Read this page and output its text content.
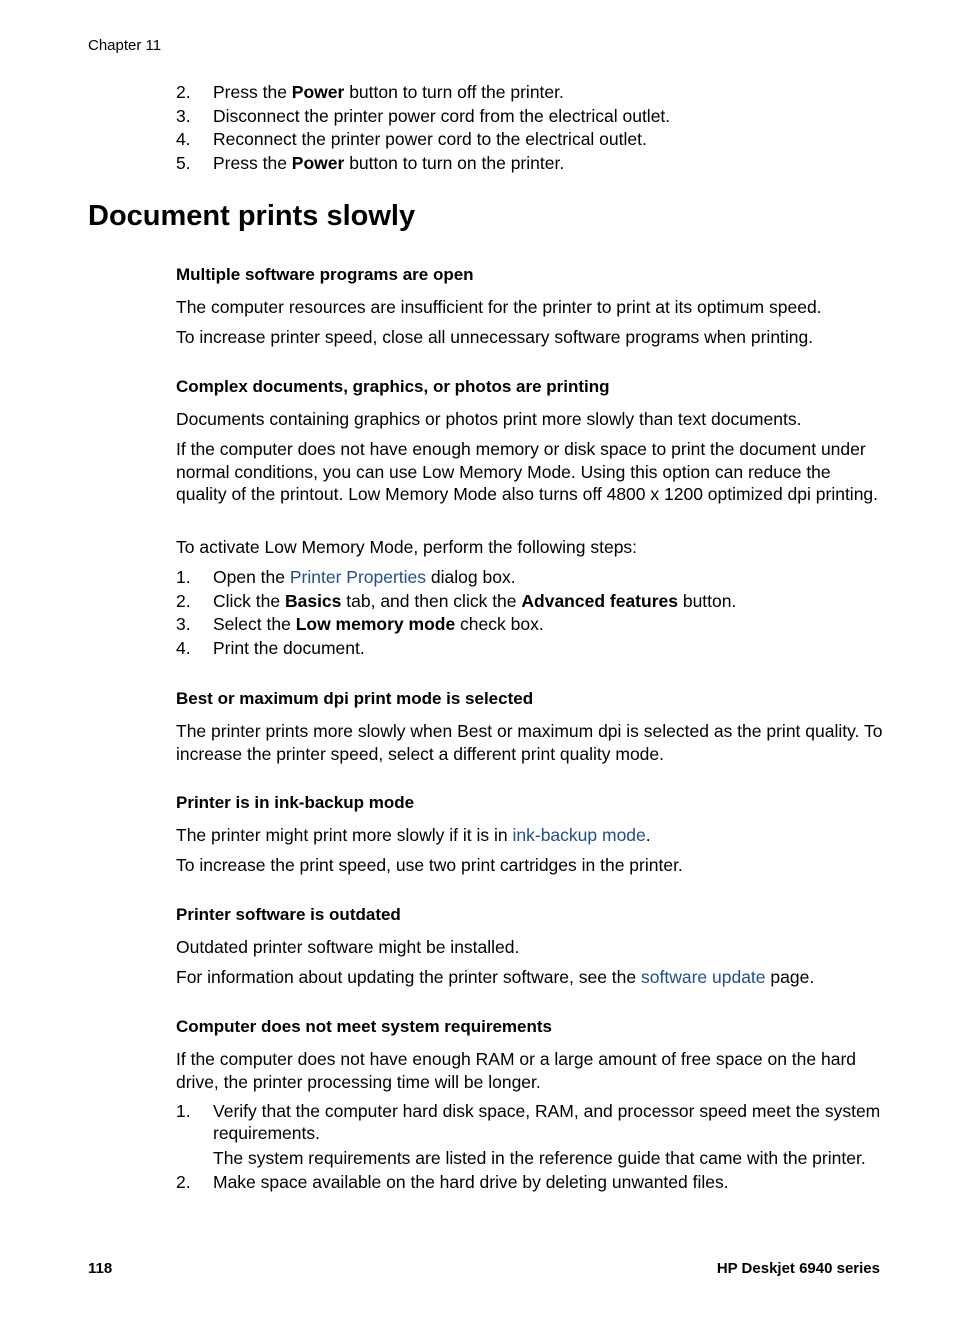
Chapter 11
2.	Press the Power button to turn off the printer.
3.	Disconnect the printer power cord from the electrical outlet.
4.	Reconnect the printer power cord to the electrical outlet.
5.	Press the Power button to turn on the printer.
Document prints slowly
Multiple software programs are open

The computer resources are insufficient for the printer to print at its optimum speed.

To increase printer speed, close all unnecessary software programs when printing.

Complex documents, graphics, or photos are printing

Documents containing graphics or photos print more slowly than text documents.

If the computer does not have enough memory or disk space to print the document under normal conditions, you can use Low Memory Mode. Using this option can reduce the quality of the printout. Low Memory Mode also turns off 4800 x 1200 optimized dpi printing.

To activate Low Memory Mode, perform the following steps:

1.	Open the Printer Properties dialog box.
2.	Click the Basics tab, and then click the Advanced features button.
3.	Select the Low memory mode check box.
4.	Print the document.
Best or maximum dpi print mode is selected

The printer prints more slowly when Best or maximum dpi is selected as the print quality. To increase the printer speed, select a different print quality mode.

Printer is in ink-backup mode

The printer might print more slowly if it is in ink-backup mode.

To increase the print speed, use two print cartridges in the printer.

Printer software is outdated

Outdated printer software might be installed.

For information about updating the printer software, see the software update page.

Computer does not meet system requirements

If the computer does not have enough RAM or a large amount of free space on the hard drive, the printer processing time will be longer.

1.	Verify that the computer hard disk space, RAM, and processor speed meet the system requirements.
The system requirements are listed in the reference guide that came with the printer.
2.	Make space available on the hard drive by deleting unwanted files.
118	HP Deskjet 6940 series
